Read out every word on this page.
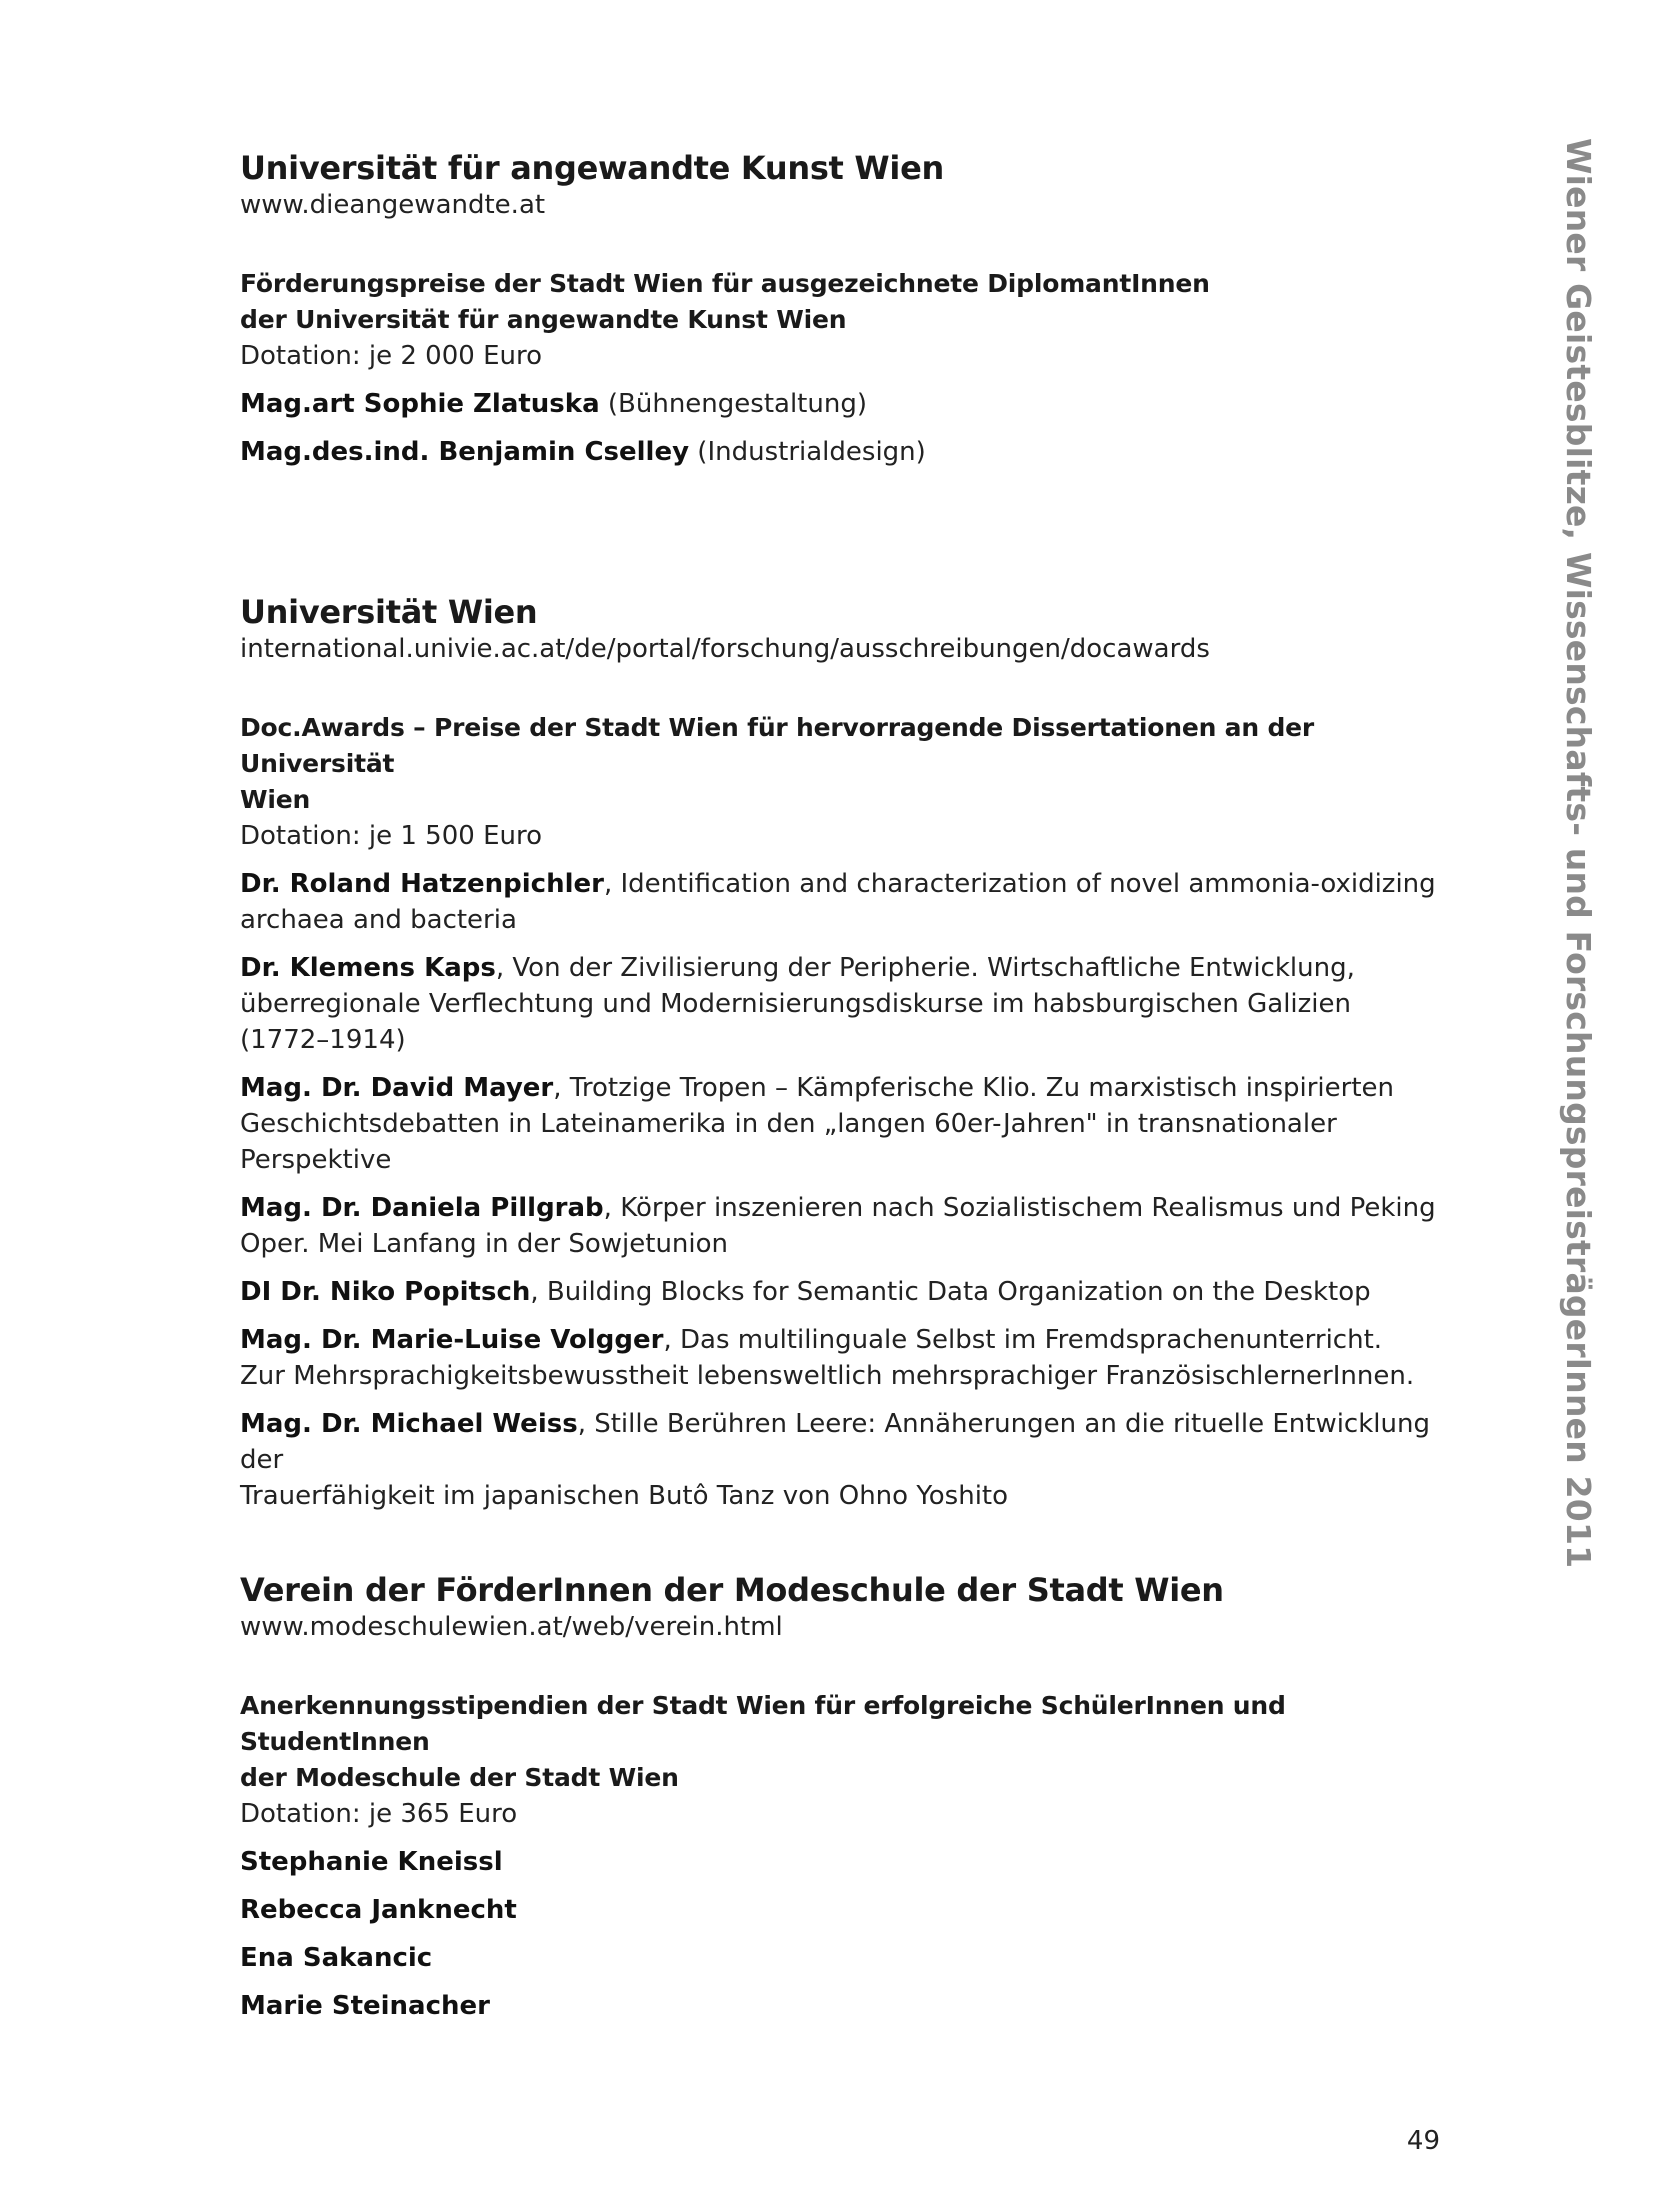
Wiener Geistesblitze, Wissenschafts- und ForschungspreisträgerInnen 2011
Universität für angewandte Kunst Wien

www.dieangewandte.at

Förderungspreise der Stadt Wien für ausgezeichnete DiplomantInnen
der Universität für angewandte Kunst Wien

Dotation: je 2 000 Euro

Mag.art Sophie Zlatuska (Bühnengestaltung)

Mag.des.ind. Benjamin Cselley (Industrialdesign)

Universität Wien

international.univie.ac.at/de/portal/forschung/ausschreibungen/docawards

Doc.Awards – Preise der Stadt Wien für hervorragende Dissertationen an der Universität
Wien

Dotation: je 1 500 Euro

Dr. Roland Hatzenpichler, Identification and characterization of novel ammonia-oxidizing
archaea and bacteria

Dr. Klemens Kaps, Von der Zivilisierung der Peripherie. Wirtschaftliche Entwicklung,
überregionale Verflechtung und Modernisierungsdiskurse im habsburgischen Galizien
(1772–1914)

Mag. Dr. David Mayer, Trotzige Tropen – Kämpferische Klio. Zu marxistisch inspirierten
Geschichtsdebatten in Lateinamerika in den „langen 60er-Jahren" in transnationaler
Perspektive

Mag. Dr. Daniela Pillgrab, Körper inszenieren nach Sozialistischem Realismus und Peking
Oper. Mei Lanfang in der Sowjetunion

DI Dr. Niko Popitsch, Building Blocks for Semantic Data Organization on the Desktop

Mag. Dr. Marie-Luise Volgger, Das multilinguale Selbst im Fremdsprachenunterricht.
Zur Mehrsprachigkeitsbewusstheit lebensweltlich mehrsprachiger FranzösischlernerInnen.

Mag. Dr. Michael Weiss, Stille Berühren Leere: Annäherungen an die rituelle Entwicklung der
Trauerfähigkeit im japanischen Butô Tanz von Ohno Yoshito

Verein der FörderInnen der Modeschule der Stadt Wien

www.modeschulewien.at/web/verein.html

Anerkennungsstipendien der Stadt Wien für erfolgreiche SchülerInnen und StudentInnen
der Modeschule der Stadt Wien

Dotation: je 365 Euro

Stephanie Kneissl

Rebecca Janknecht

Ena Sakancic

Marie Steinacher

49
